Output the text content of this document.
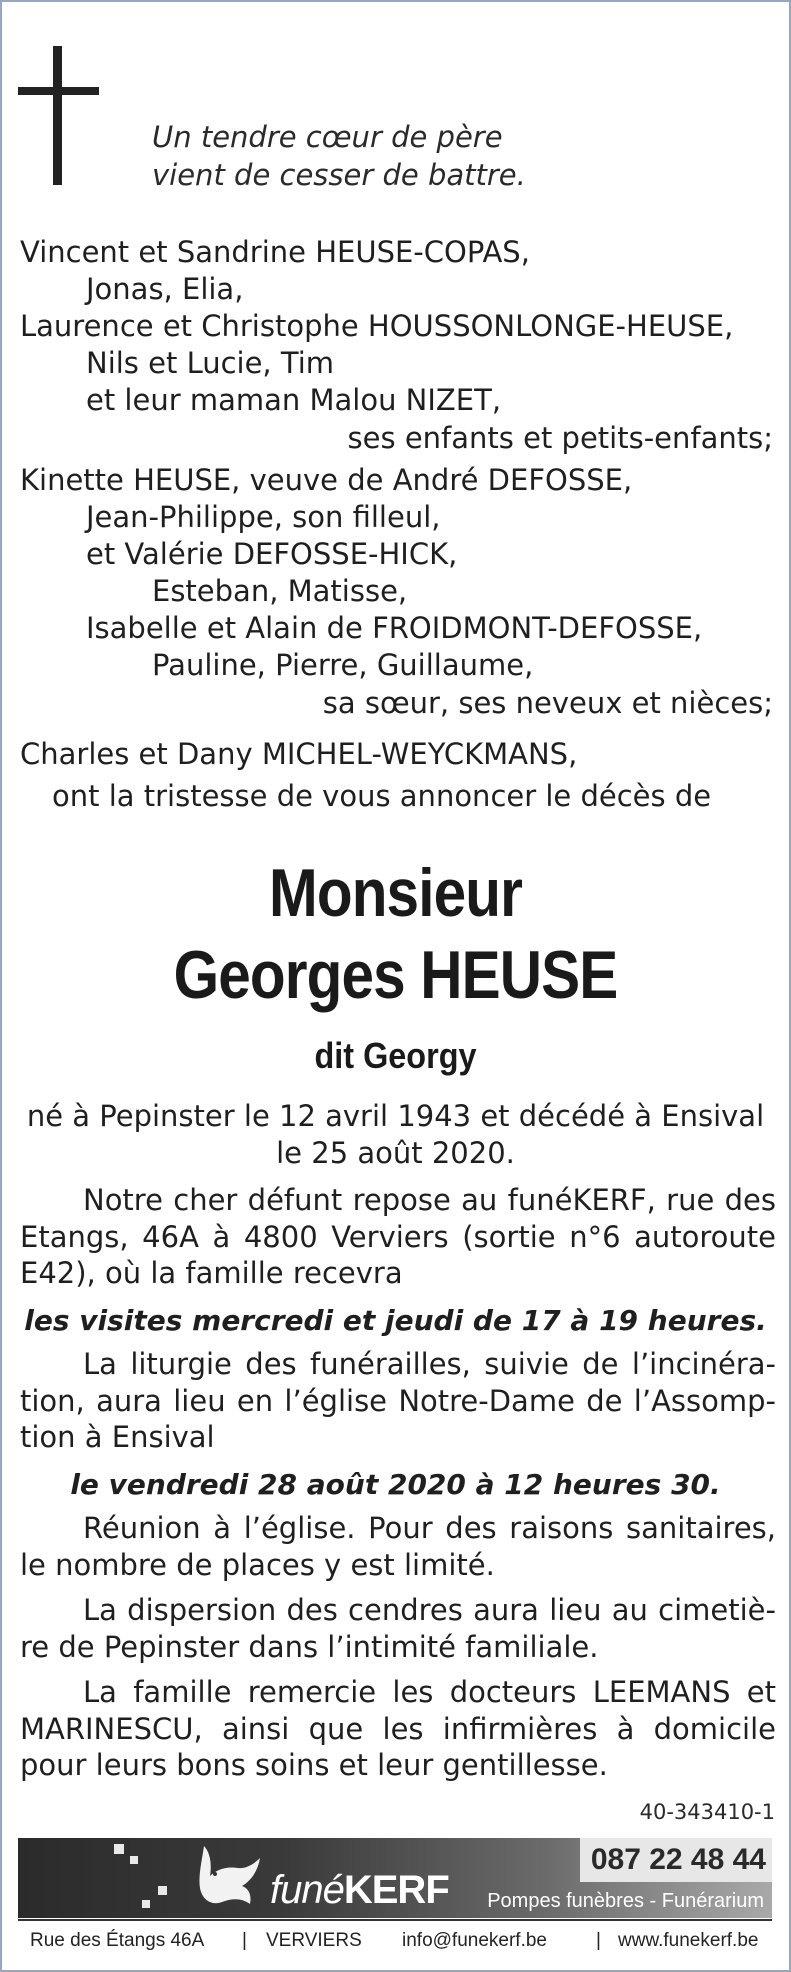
Un tendre cœur de père
vient de cesser de battre.
Vincent et Sandrine HEUSE-COPAS,
Jonas, Elia,
Laurence et Christophe HOUSSONLONGE-HEUSE,
Nils et Lucie, Tim
et leur maman Malou NIZET,
ses enfants et petits-enfants;
Kinette HEUSE, veuve de André DEFOSSE,
Jean-Philippe, son filleul,
et Valérie DEFOSSE-HICK,
Esteban, Matisse,
Isabelle et Alain de FROIDMONT-DEFOSSE,
Pauline, Pierre, Guillaume,
sa sœur, ses neveux et nièces;
Charles et Dany MICHEL-WEYCKMANS,
ont la tristesse de vous annoncer le décès de
Monsieur
Georges HEUSE
dit Georgy
né à Pepinster le 12 avril 1943 et décédé à Ensival
le 25 août 2020.
Notre cher défunt repose au funéKERF, rue des Etangs, 46A à 4800 Verviers (sortie n°6 autoroute E42), où la famille recevra
les visites mercredi et jeudi de 17 à 19 heures.
La liturgie des funérailles, suivie de l’incinéra-tion, aura lieu en l’église Notre-Dame de l’Assomp-tion à Ensival
le vendredi 28 août 2020 à 12 heures 30.
Réunion à l’église. Pour des raisons sanitaires, le nombre de places y est limité.
La dispersion des cendres aura lieu au cimetiè-re de Pepinster dans l’intimité familiale.
La famille remercie les docteurs LEEMANS et MARINESCU, ainsi que les infirmières à domicile pour leurs bons soins et leur gentillesse.
40-343410-1
funéKERF
087 22 48 44
Pompes funèbres - Funérarium
Rue des Étangs 46A | VERVIERS info@funekerf.be	| www.funekerf.be
